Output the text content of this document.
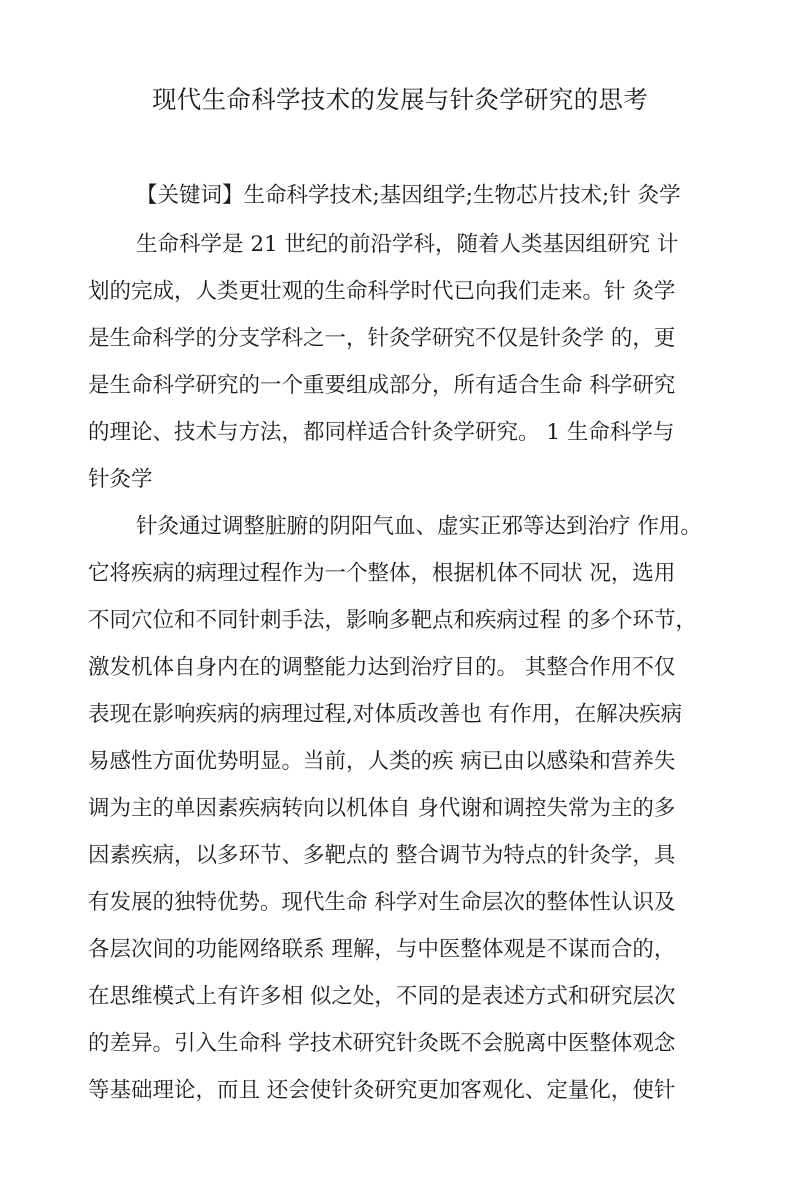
现代生命科学技术的发展与针灸学研究的思考
【关键词】生命科学技术;基因组学;生物芯片技术;针 灸学
生命科学是 21 世纪的前沿学科，随着人类基因组研究 计
划的完成，人类更壮观的生命科学时代已向我们走来。针 灸学
是生命科学的分支学科之一，针灸学研究不仅是针灸学 的，更
是生命科学研究的一个重要组成部分，所有适合生命 科学研究
的理论、技术与方法，都同样适合针灸学研究。 1 生命科学与
针灸学
针灸通过调整脏腑的阴阳气血、虚实正邪等达到治疗 作用。
它将疾病的病理过程作为一个整体，根据机体不同状 况，选用
不同穴位和不同针刺手法，影响多靶点和疾病过程 的多个环节，
激发机体自身内在的调整能力达到治疗目的。 其整合作用不仅
表现在影响疾病的病理过程,对体质改善也 有作用，在解决疾病
易感性方面优势明显。当前，人类的疾 病已由以感染和营养失
调为主的单因素疾病转向以机体自 身代谢和调控失常为主的多
因素疾病，以多环节、多靶点的 整合调节为特点的针灸学，具
有发展的独特优势。现代生命 科学对生命层次的整体性认识及
各层次间的功能网络联系 理解，与中医整体观是不谋而合的，
在思维模式上有许多相 似之处，不同的是表述方式和研究层次
的差异。引入生命科 学技术研究针灸既不会脱离中医整体观念
等基础理论，而且 还会使针灸研究更加客观化、定量化，使针
